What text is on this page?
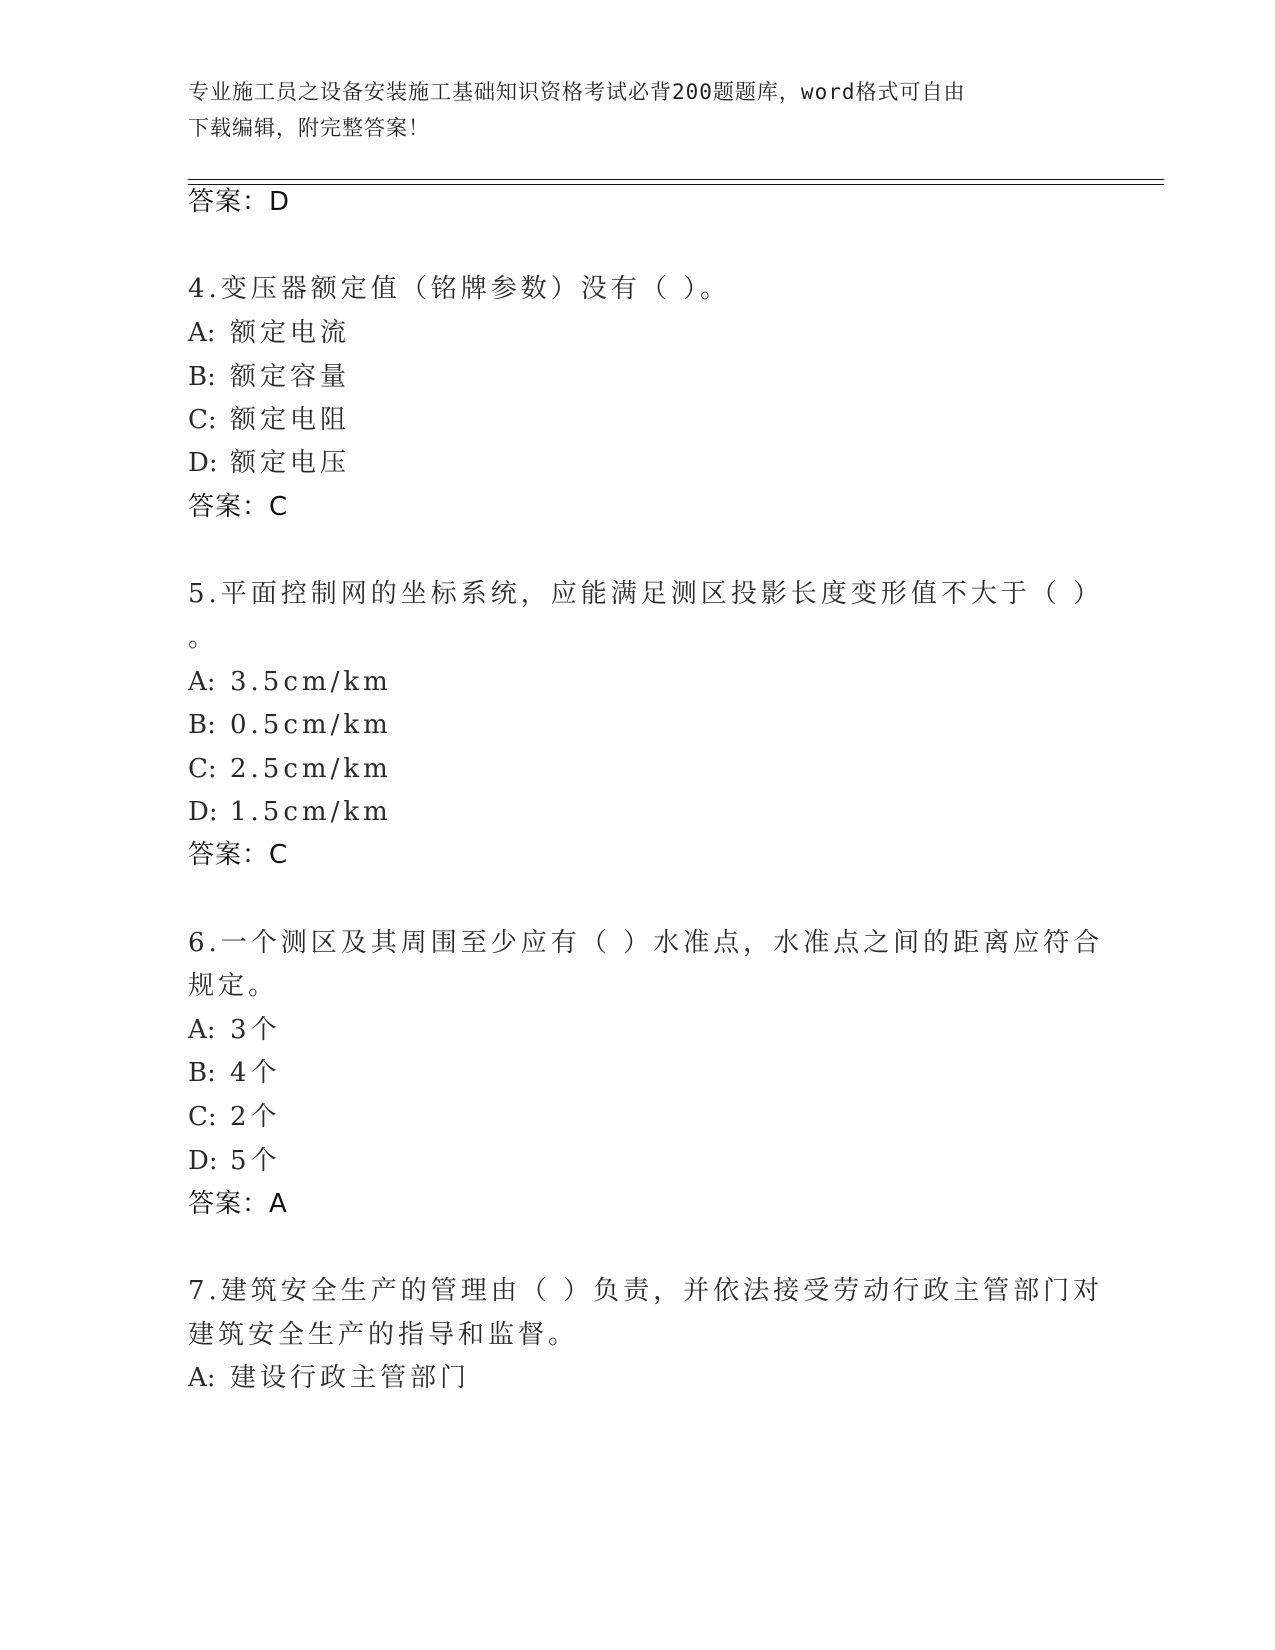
专业施工员之设备安装施工基础知识资格考试必背200题题库，word格式可自由
下载编辑，附完整答案！
答案：D
4.变压器额定值（铭牌参数）没有（ ）。
A: 额定电流
B: 额定容量
C: 额定电阻
D: 额定电压
答案：C
5.平面控制网的坐标系统，应能满足测区投影长度变形值不大于（ ）
。
A: 3.5cm/km
B: 0.5cm/km
C: 2.5cm/km
D: 1.5cm/km
答案：C
6.一个测区及其周围至少应有（ ）水准点，水准点之间的距离应符合
规定。
A: 3个
B: 4个
C: 2个
D: 5个
答案：A
7.建筑安全生产的管理由（ ）负责，并依法接受劳动行政主管部门对
建筑安全生产的指导和监督。
A: 建设行政主管部门
